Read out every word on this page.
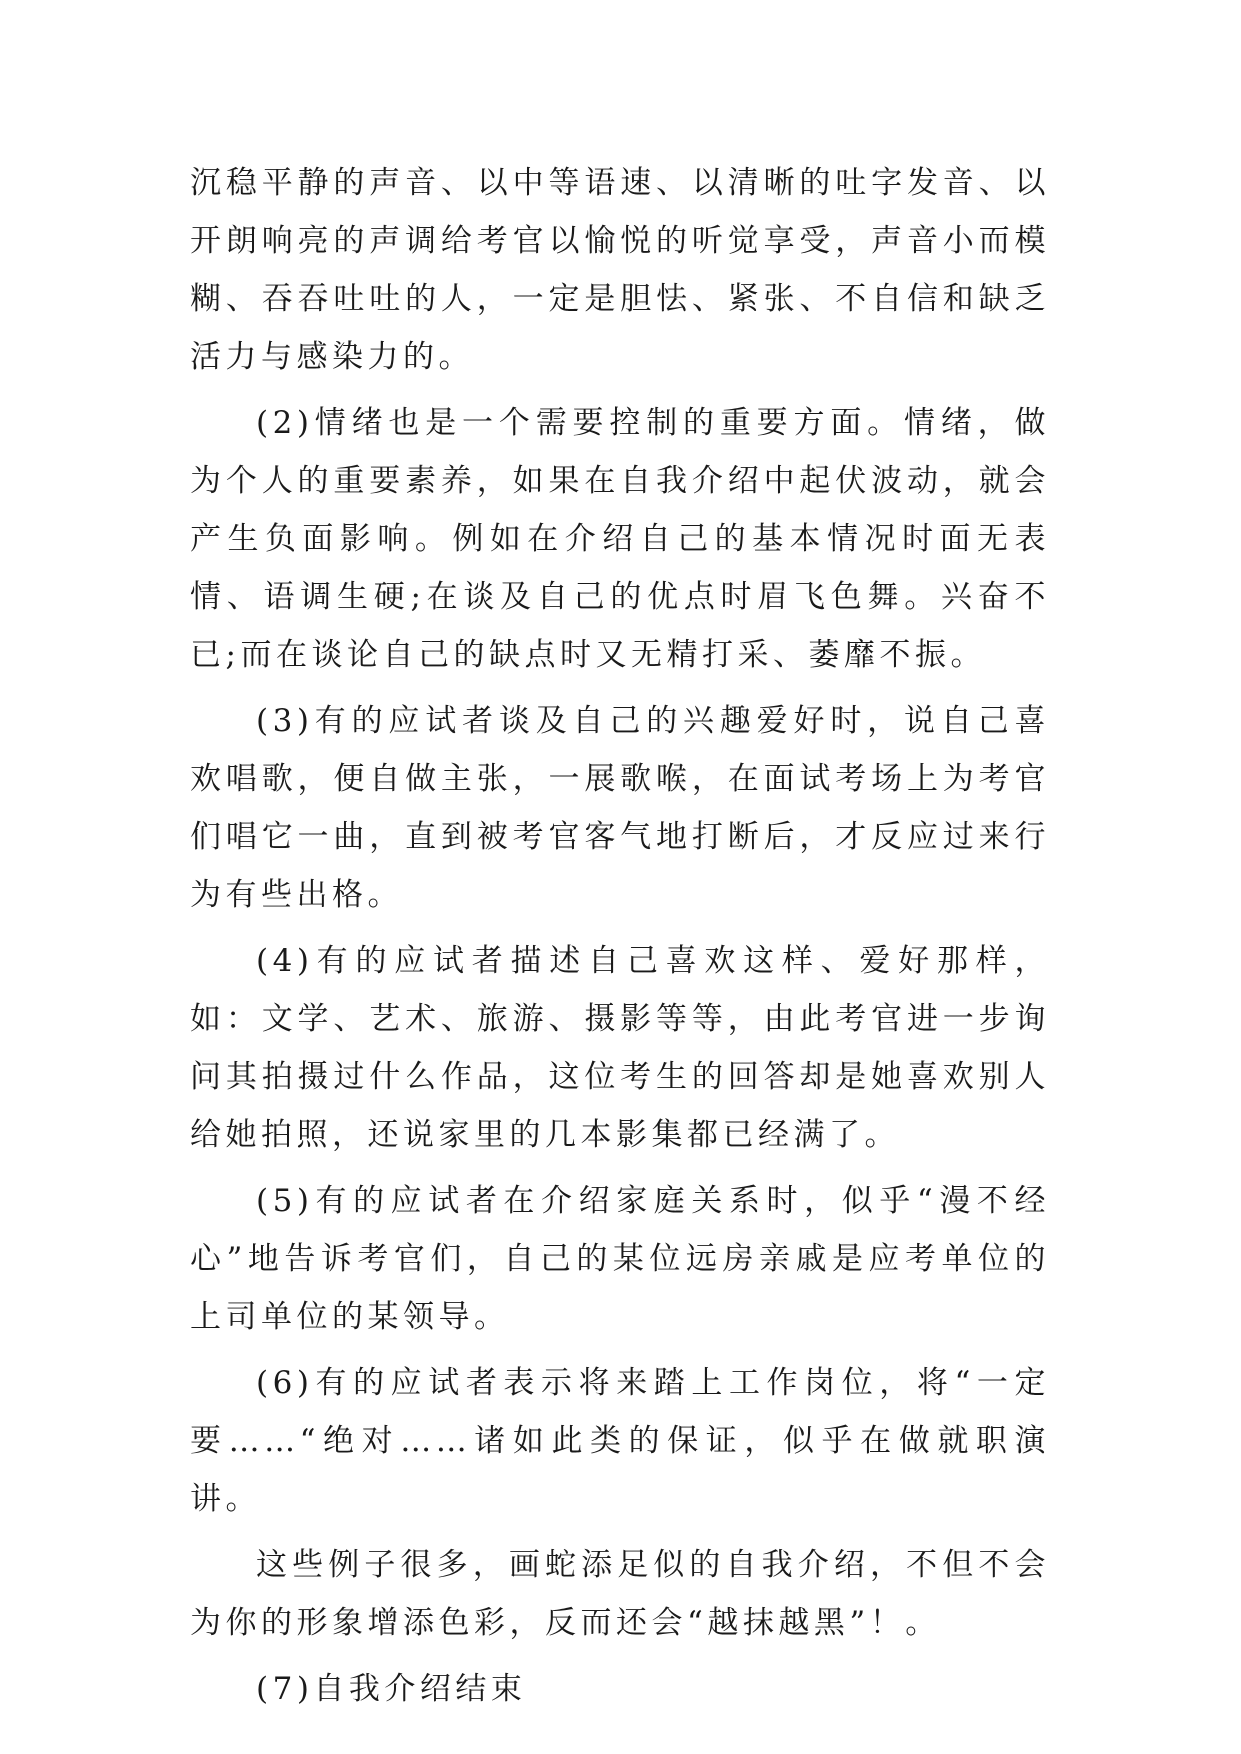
沉稳平静的声音、以中等语速、以清晰的吐字发音、以开朗响亮的声调给考官以愉悦的听觉享受，声音小而模糊、吞吞吐吐的人，一定是胆怯、紧张、不自信和缺乏活力与感染力的。

(2)情绪也是一个需要控制的重要方面。情绪，做为个人的重要素养，如果在自我介绍中起伏波动，就会产生负面影响。例如在介绍自己的基本情况时面无表情、语调生硬;在谈及自己的优点时眉飞色舞。兴奋不已;而在谈论自己的缺点时又无精打采、萎靡不振。

(3)有的应试者谈及自己的兴趣爱好时，说自己喜欢唱歌，便自做主张，一展歌喉，在面试考场上为考官们唱它一曲，直到被考官客气地打断后，才反应过来行为有些出格。

(4)有的应试者描述自己喜欢这样、爱好那样，如：文学、艺术、旅游、摄影等等，由此考官进一步询问其拍摄过什么作品，这位考生的回答却是她喜欢别人给她拍照，还说家里的几本影集都已经满了。

(5)有的应试者在介绍家庭关系时，似乎“漫不经心”地告诉考官们，自己的某位远房亲戚是应考单位的上司单位的某领导。

(6)有的应试者表示将来踏上工作岗位，将“一定要……“绝对……诸如此类的保证，似乎在做就职演讲。

这些例子很多，画蛇添足似的自我介绍，不但不会为你的形象增添色彩，反而还会“越抹越黑”！。

(7)自我介绍结束
